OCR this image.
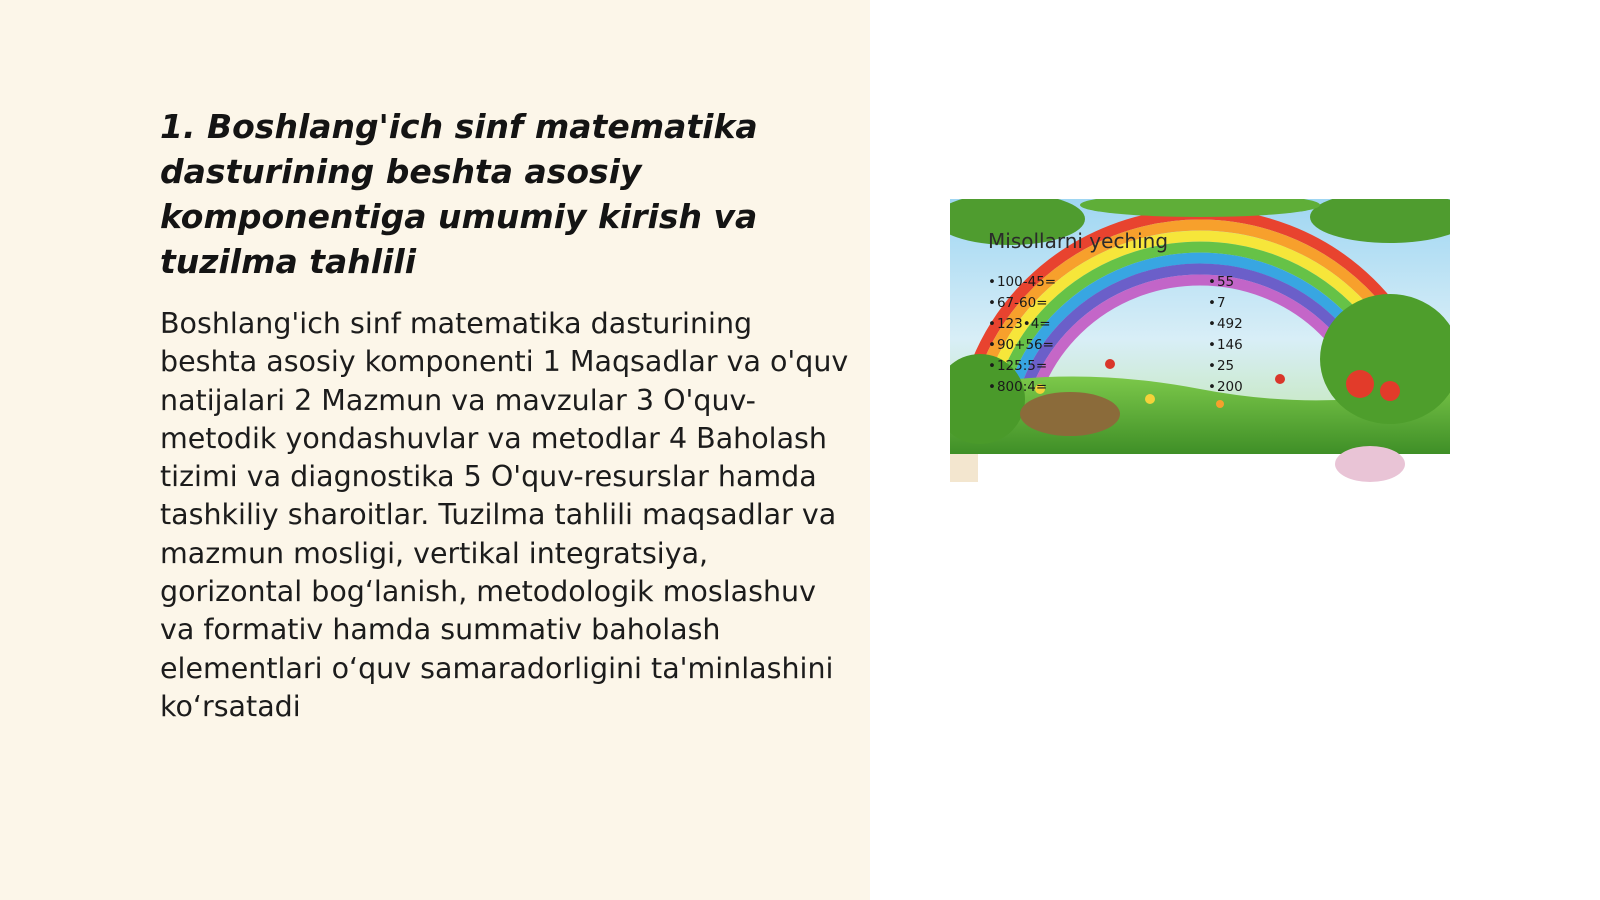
1. Boshlang'ich sinf matematika dasturining beshta asosiy komponentiga umumiy kirish va tuzilma tahlili

Boshlang'ich sinf matematika dasturining beshta asosiy komponenti 1 Maqsadlar va o'quv natijalari 2 Mazmun va mavzular 3 O'quv-metodik yondashuvlar va metodlar 4 Baholash tizimi va diagnostika 5 O'quv-resurslar hamda tashkiliy sharoitlar. Tuzilma tahlili maqsadlar va mazmun mosligi, vertikal integratsiya, gorizontal bog‘lanish, metodologik moslashuv va formativ hamda summativ baholash elementlari o‘quv samaradorligini ta'minlashini ko‘rsatadi

Misollarni yeching
• 100-45=
• 67-60=
• 123•4=
• 90+56=
• 125:5=
• 800:4=
• 55
• 7
• 492
• 146
• 25
• 200
